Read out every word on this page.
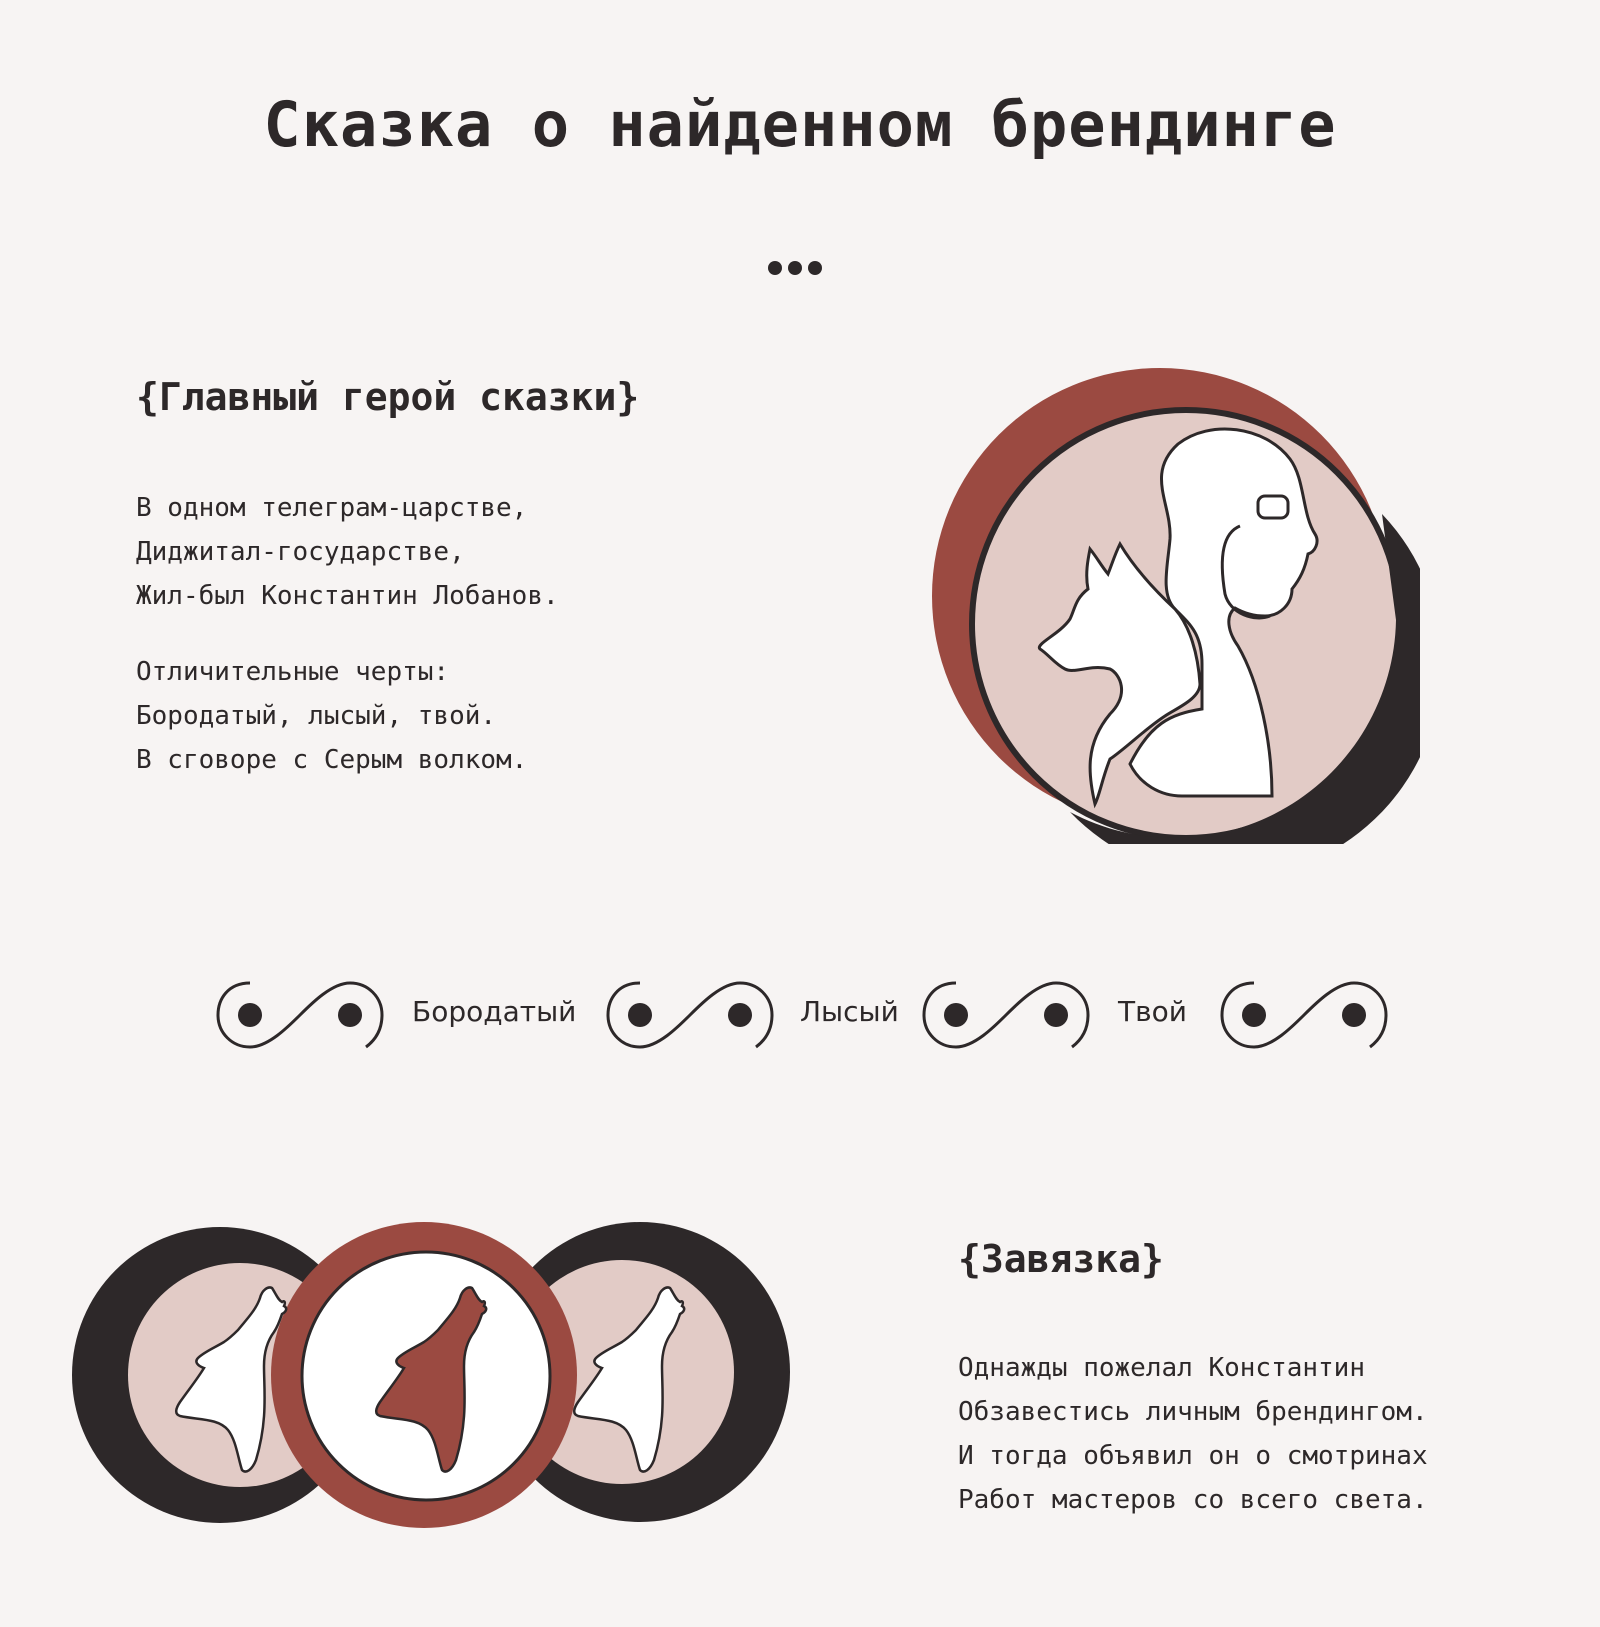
Сказка о найденном брендинге
{Главный герой сказки}
В одном телеграм-царстве,
Диджитал-государстве,
Жил-был Константин Лобанов.
Отличительные черты:
Бородатый, лысый, твой.
В сговоре с Серым волком.
Бородатый	Лысый	Твой
{Завязка}
Однажды пожелал Константин
Обзавестись личным брендингом.
И тогда объявил он о смотринах
Работ мастеров со всего света.
